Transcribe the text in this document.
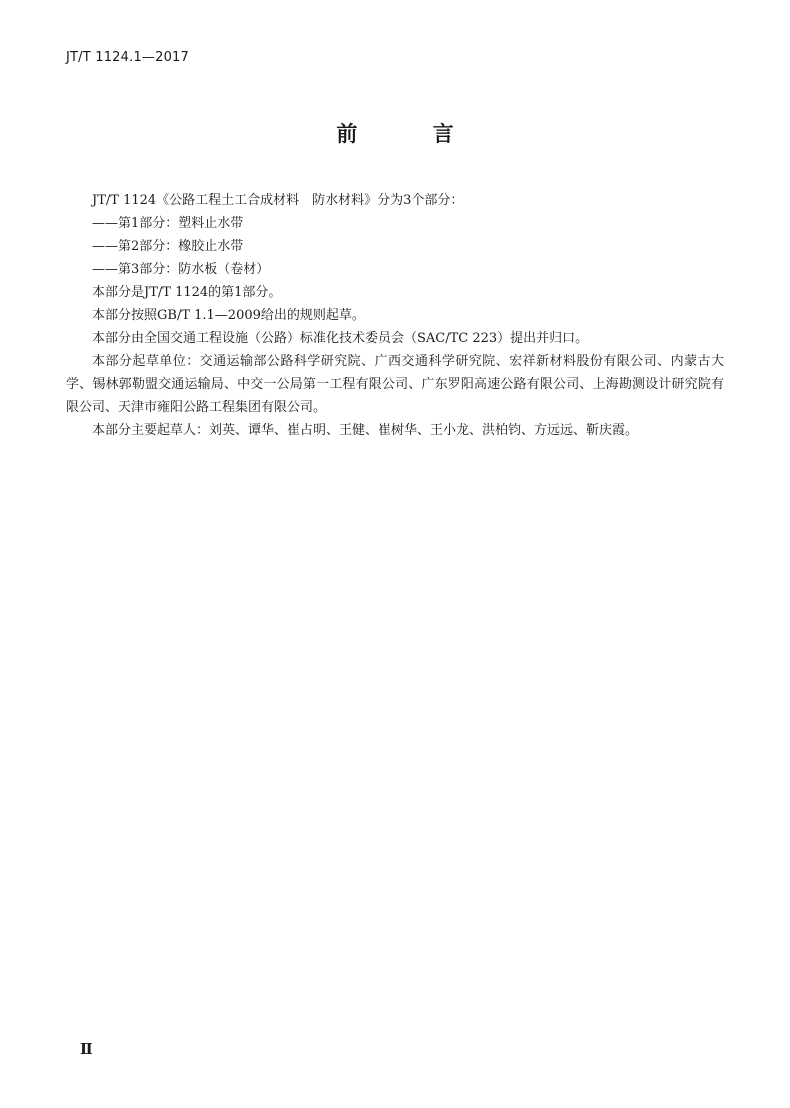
JT/T 1124.1—2017
前 言

JT/T 1124《公路工程土工合成材料　防水材料》分为3个部分：

——第1部分：塑料止水带

——第2部分：橡胶止水带

——第3部分：防水板（卷材）

本部分是JT/T 1124的第1部分。

本部分按照GB/T 1.1—2009给出的规则起草。

本部分由全国交通工程设施（公路）标准化技术委员会（SAC/TC 223）提出并归口。

本部分起草单位：交通运输部公路科学研究院、广西交通科学研究院、宏祥新材料股份有限公司、内蒙古大学、锡林郭勒盟交通运输局、中交一公局第一工程有限公司、广东罗阳高速公路有限公司、上海勘测设计研究院有限公司、天津市雍阳公路工程集团有限公司。

本部分主要起草人：刘英、谭华、崔占明、王健、崔树华、王小龙、洪柏钧、方远远、靳庆霞。

Ⅱ
